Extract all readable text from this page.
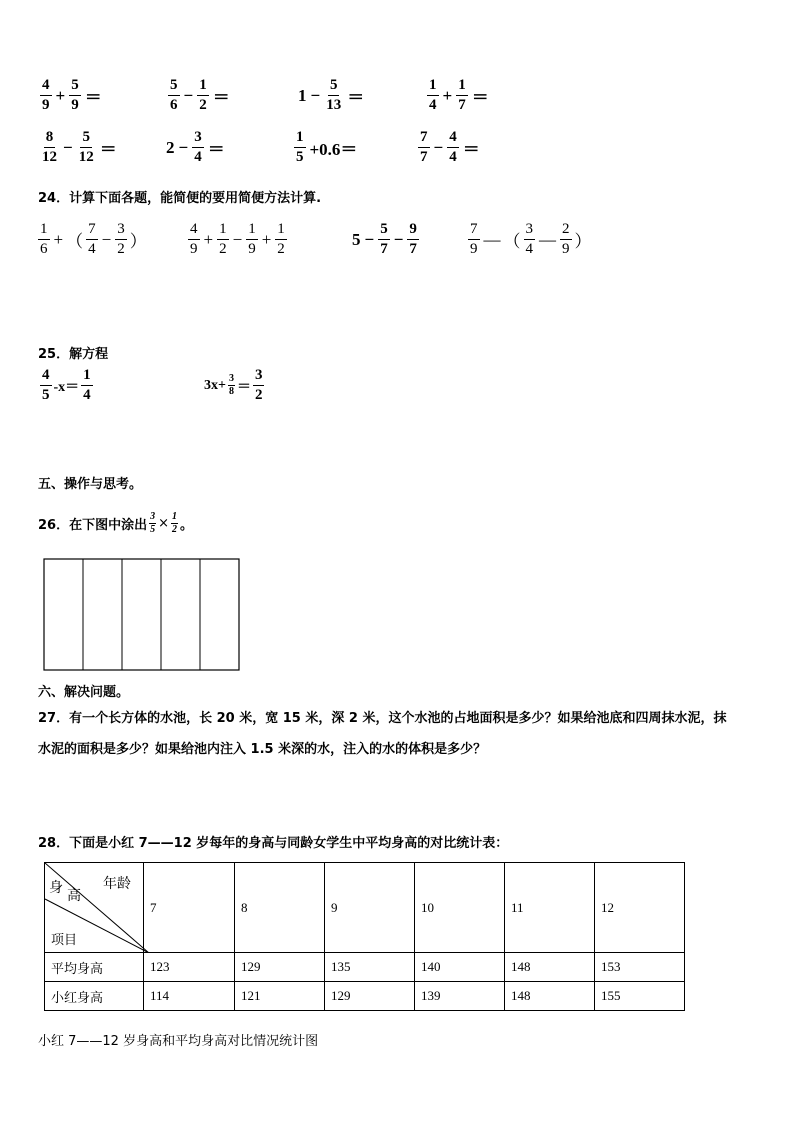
$\frac{4}{9} + \frac{5}{9}$ ＝	$\frac{5}{6} - \frac{1}{2}$ ＝	$1 - \frac{5}{13}$ ＝	$\frac{1}{4} + \frac{1}{7}$ ＝
$\frac{8}{12} - \frac{5}{12}$ ＝	$2 - \frac{3}{4}$ ＝	$\frac{1}{5} +0.6=$	$\frac{7}{7} - \frac{4}{4}$ ＝
24．计算下面各题，能简便的要用简便方法计算.
$\frac{1}{6}$ + （ $\frac{7}{4} - \frac{3}{2}$ ）	$\frac{4}{9} + \frac{1}{2} - \frac{1}{9} + \frac{1}{2}$	$5 - \frac{5}{7} - \frac{9}{7}$	$\frac{7}{9}$ — （ $\frac{3}{4}$ — $\frac{2}{9}$ ）
25．解方程
$\frac{4}{5} -x= \frac{1}{4}$	$3x+ \frac{3}{8} = \frac{3}{2}$
五、操作与思考。
26．在下图中涂出 $\frac{3}{5} \times \frac{1}{2}$ 。
六、解决问题。
27．有一个长方体的水池，长 20 米，宽 15 米，深 2 米，这个水池的占地面积是多少？如果给池底和四周抹水泥，抹
水泥的面积是多少？如果给池内注入 1.5 米深的水，注入的水的体积是多少？
28．下面是小红 7——12 岁每年的身高与同龄女学生中平均身高的对比统计表：
年龄
身 高
项目	7	8	9	10	11	12
平均身高	123	129	135	140	148	153
小红身高	114	121	129	139	148	155
小红 7——12 岁身高和平均身高对比情况统计图
